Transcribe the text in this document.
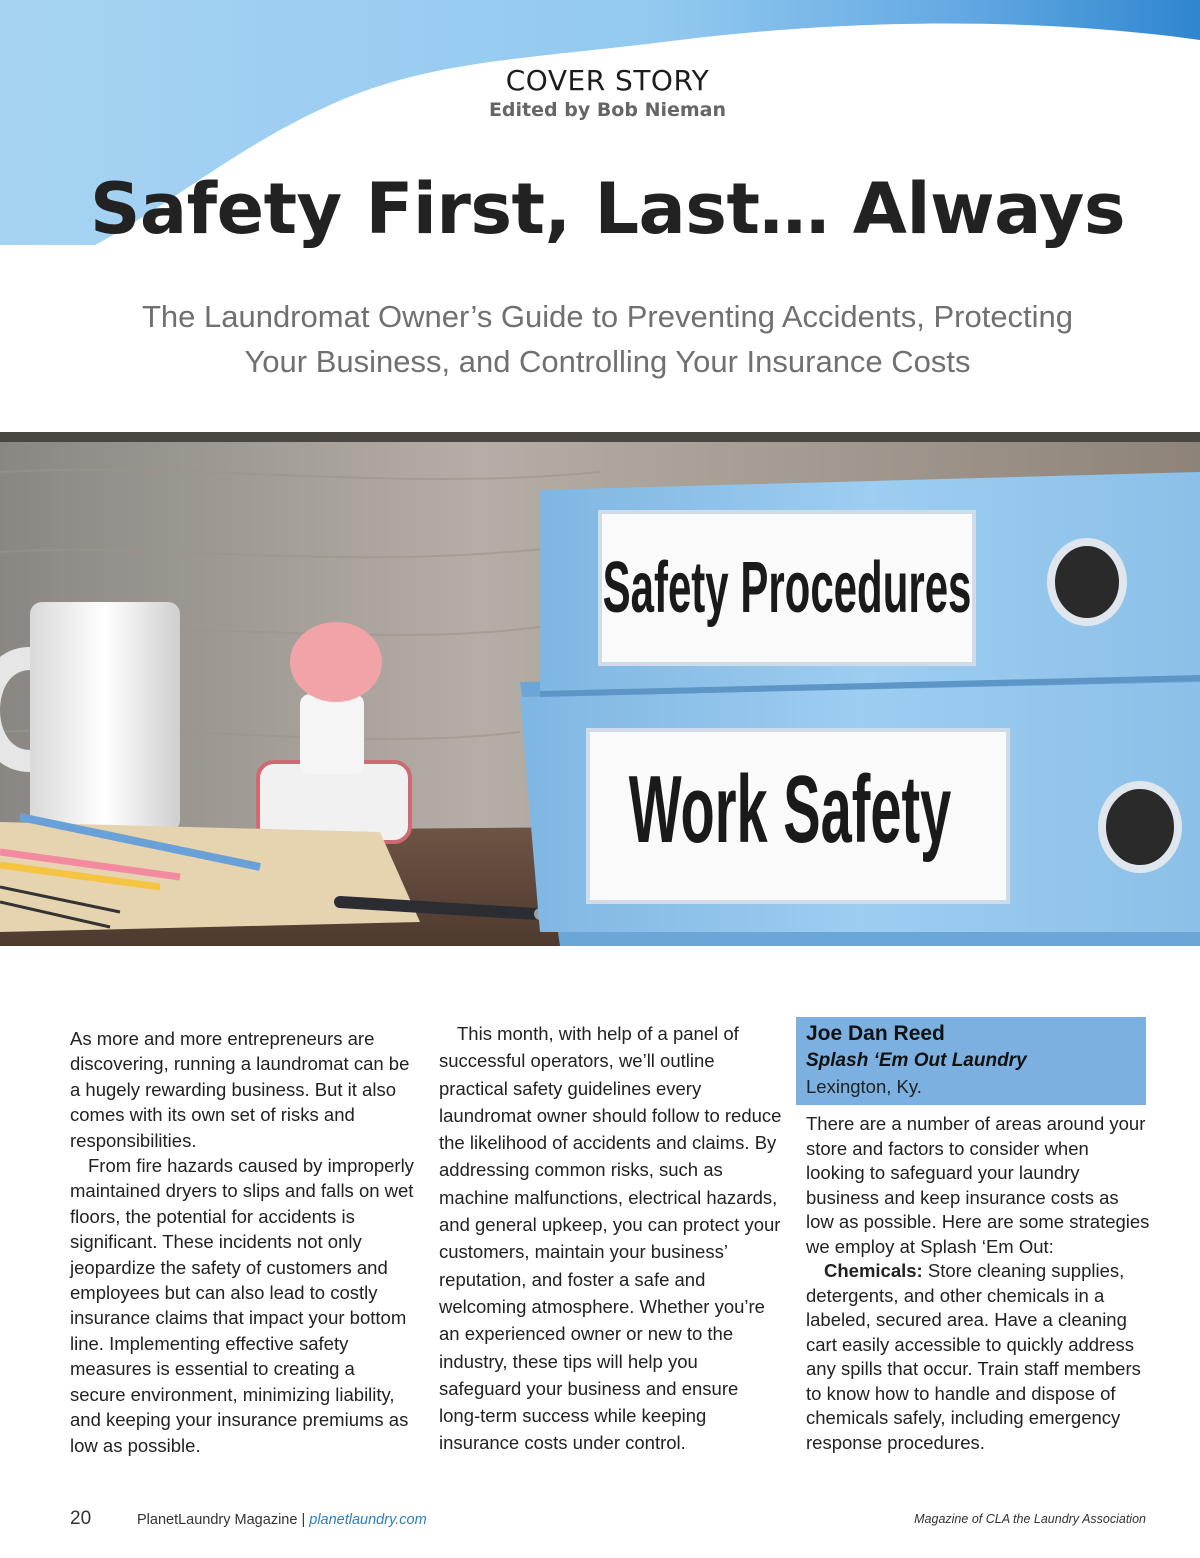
COVER STORY
Edited by Bob Nieman
Safety First, Last… Always
The Laundromat Owner’s Guide to Preventing Accidents, Protecting
Your Business, and Controlling Your Insurance Costs
Safety Procedures
Work Safety

As more and more entrepreneurs are discovering, running a laundromat can be a hugely rewarding business. But it also comes with its own set of risks and responsibilities.

From fire hazards caused by improperly maintained dryers to slips and falls on wet floors, the potential for accidents is significant. These incidents not only jeopardize the safety of customers and employees but can also lead to costly insurance claims that impact your bottom line. Implementing effective safety measures is essential to creating a secure environment, minimizing liability, and keeping your insurance premiums as low as possible.

This month, with help of a panel of successful operators, we’ll outline practical safety guidelines every laundromat owner should follow to reduce the likelihood of accidents and claims. By addressing common risks, such as machine malfunctions, electrical hazards, and general upkeep, you can protect your customers, maintain your business’ reputation, and foster a safe and welcoming atmosphere. Whether you’re an experienced owner or new to the industry, these tips will help you safeguard your business and ensure long-term success while keeping insurance costs under control.

Joe Dan Reed
Splash ‘Em Out Laundry
Lexington, Ky.

There are a number of areas around your store and factors to consider when looking to safeguard your laundry business and keep insurance costs as low as possible. Here are some strategies we employ at Splash ‘Em Out:

Chemicals: Store cleaning supplies, detergents, and other chemicals in a labeled, secured area. Have a cleaning cart easily accessible to quickly address any spills that occur. Train staff members to know how to handle and dispose of chemicals safely, including emergency response procedures.

20	PlanetLaundry Magazine | planetlaundry.com	Magazine of CLA the Laundry Association
